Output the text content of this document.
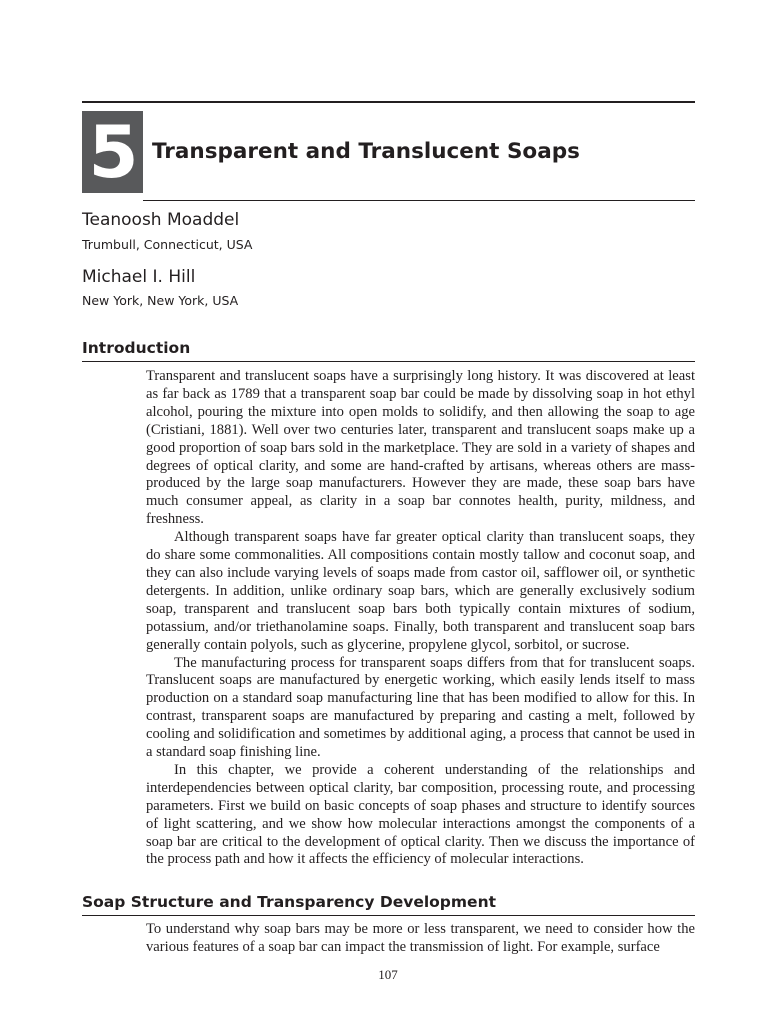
5 Transparent and Translucent Soaps
Teanoosh Moaddel
Trumbull, Connecticut, USA
Michael I. Hill
New York, New York, USA
Introduction

Transparent and translucent soaps have a surprisingly long history. It was discovered at least as far back as 1789 that a transparent soap bar could be made by dissolving soap in hot ethyl alcohol, pouring the mixture into open molds to solidify, and then allowing the soap to age (Cristiani, 1881). Well over two centuries later, transparent and translucent soaps make up a good proportion of soap bars sold in the marketplace. They are sold in a variety of shapes and degrees of optical clarity, and some are hand-crafted by artisans, whereas others are mass-produced by the large soap manufacturers. However they are made, these soap bars have much consumer appeal, as clarity in a soap bar connotes health, purity, mildness, and freshness.

Although transparent soaps have far greater optical clarity than translucent soaps, they do share some commonalities. All compositions contain mostly tallow and coconut soap, and they can also include varying levels of soaps made from castor oil, safflower oil, or synthetic detergents. In addition, unlike ordinary soap bars, which are generally exclusively sodium soap, transparent and translucent soap bars both typically contain mixtures of sodium, potassium, and/or triethanolamine soaps. Finally, both transparent and translucent soap bars generally contain polyols, such as glycerine, propylene glycol, sorbitol, or sucrose.

The manufacturing process for transparent soaps differs from that for translucent soaps. Translucent soaps are manufactured by energetic working, which easily lends itself to mass production on a standard soap manufacturing line that has been modified to allow for this. In contrast, transparent soaps are manufactured by preparing and casting a melt, followed by cooling and solidification and sometimes by additional aging, a process that cannot be used in a standard soap finishing line.

In this chapter, we provide a coherent understanding of the relationships and interdependencies between optical clarity, bar composition, processing route, and processing parameters. First we build on basic concepts of soap phases and structure to identify sources of light scattering, and we show how molecular interactions amongst the components of a soap bar are critical to the development of optical clarity. Then we discuss the importance of the process path and how it affects the efficiency of molecular interactions.

Soap Structure and Transparency Development

To understand why soap bars may be more or less transparent, we need to consider how the various features of a soap bar can impact the transmission of light. For example, surface

107
